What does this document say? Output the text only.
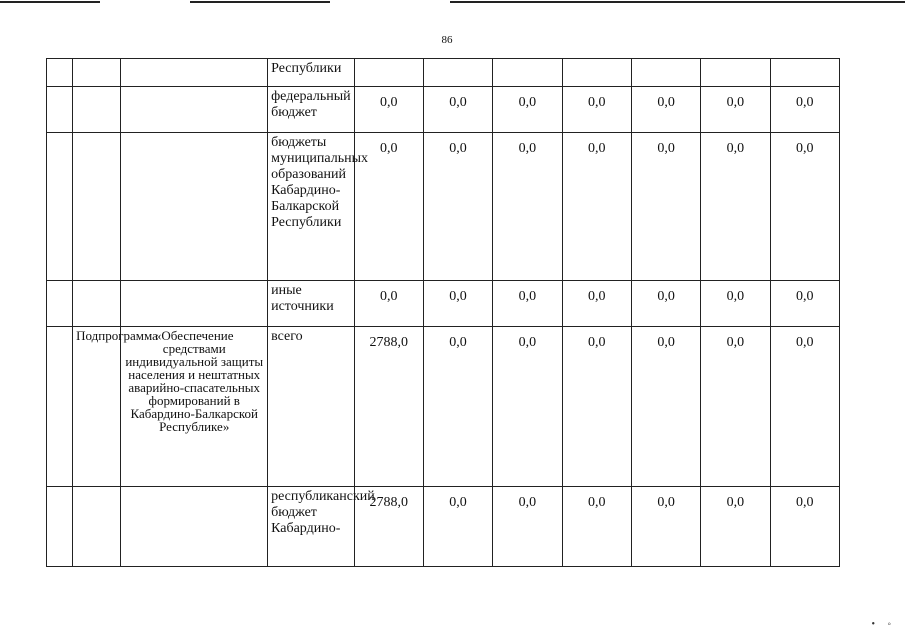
86
			Республики							
			федеральный бюджет	0,0	0,0	0,0	0,0	0,0	0,0	0,0
			бюджеты муниципальных образований Кабардино-Балкарской Республики	0,0	0,0	0,0	0,0	0,0	0,0	0,0
			иные источники	0,0	0,0	0,0	0,0	0,0	0,0	0,0
	Подпрограмма	«Обеспечение средствами индивидуальной защиты населения и нештатных аварийно-спасательных формирований в Кабардино-Балкарской Республике»	всего	2788,0	0,0	0,0	0,0	0,0	0,0	0,0
			республиканский бюджет Кабардино-	2788,0	0,0	0,0	0,0	0,0	0,0	0,0
•     ◦
